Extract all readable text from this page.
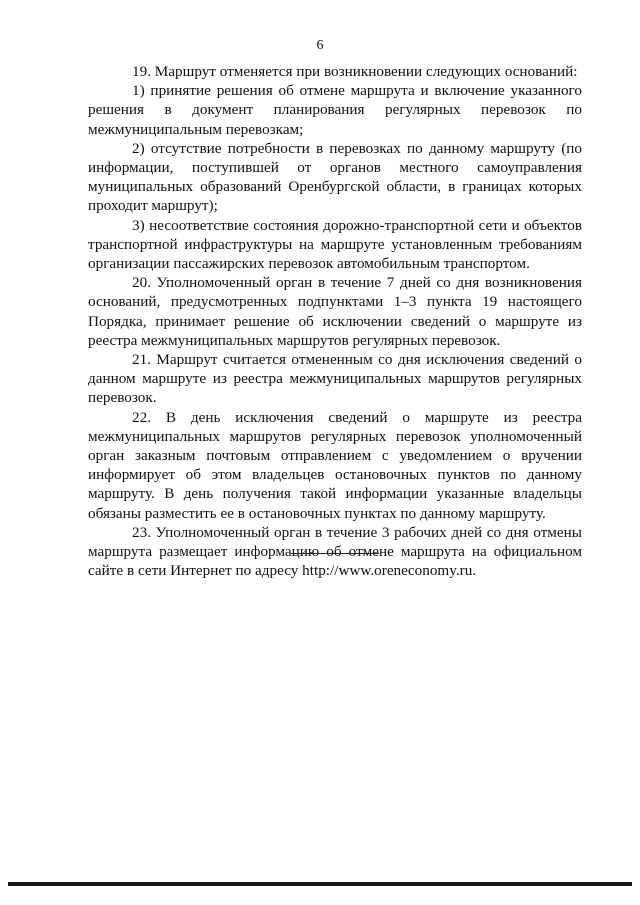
6

19. Маршрут отменяется при возникновении следующих оснований:

1) принятие решения об отмене маршрута и включение указанного решения в документ планирования регулярных перевозок по межмуниципальным перевозкам;

2) отсутствие потребности в перевозках по данному маршруту (по информации, поступившей от органов местного самоуправления муниципальных образований Оренбургской области, в границах которых проходит маршрут);

3) несоответствие состояния дорожно-транспортной сети и объектов транспортной инфраструктуры на маршруте установленным требованиям организации пассажирских перевозок автомобильным транспортом.

20. Уполномоченный орган в течение 7 дней со дня возникновения оснований, предусмотренных подпунктами 1–3 пункта 19 настоящего Порядка, принимает решение об исключении сведений о маршруте из реестра межмуниципальных маршрутов регулярных перевозок.

21. Маршрут считается отмененным со дня исключения сведений о данном маршруте из реестра межмуниципальных маршрутов регулярных перевозок.

22. В день исключения сведений о маршруте из реестра межмуниципальных маршрутов регулярных перевозок уполномоченный орган заказным почтовым отправлением с уведомлением о вручении информирует об этом владельцев остановочных пунктов по данному маршруту. В день получения такой информации указанные владельцы обязаны разместить ее в остановочных пунктах по данному маршруту.

23. Уполномоченный орган в течение 3 рабочих дней со дня отмены маршрута размещает информацию об отмене маршрута на официальном сайте в сети Интернет по адресу http://www.oreneconomy.ru.
